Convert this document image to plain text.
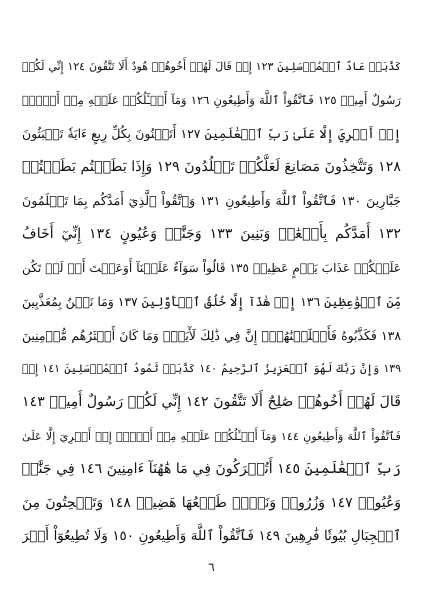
كَذَّبَتۡ عَادٌ ٱلۡمُرۡسَلِينَ ١٢٣ إِذۡ قَالَ لَهُمۡ أَخُوهُمۡ هُودٌ أَلَا تَتَّقُونَ ١٢٤ إِنِّي لَكُمۡ
رَسُولٌ أَمِينٞ ١٢٥ فَٱتَّقُواْ ٱللَّهَ وَأَطِيعُونِ ١٢٦ وَمَآ أَسۡـَٔلُكُمۡ عَلَيۡهِ مِنۡ أَجۡرٍۖ
إِنۡ أَجۡرِيَ إِلَّا عَلَىٰ رَبِّ ٱلۡعَٰلَمِينَ ١٢٧ أَتَبۡنُونَ بِكُلِّ رِيعٍ ءَايَةٗ تَعۡبَثُونَ
١٢٨ وَتَتَّخِذُونَ مَصَانِعَ لَعَلَّكُمۡ تَخۡلُدُونَ ١٢٩ وَإِذَا بَطَشۡتُم بَطَشۡتُمۡ
جَبَّارِينَ ١٣٠ فَٱتَّقُواْ ٱللَّهَ وَأَطِيعُونِ ١٣١ وَٱتَّقُواْ ٱلَّذِيٓ أَمَدَّكُم بِمَا تَعۡلَمُونَ
١٣٢ أَمَدَّكُم بِأَنۡعَٰمٖ وَبَنِينَ ١٣٣ وَجَنَّٰتٖ وَعُيُونٍ ١٣٤ إِنِّيٓ أَخَافُ
عَلَيۡكُمۡ عَذَابَ يَوۡمٍ عَظِيمٖ ١٣٥ قَالُواْ سَوَآءٌ عَلَيۡنَآ أَوَعَظۡتَ أَمۡ لَمۡ تَكُن
مِّنَ ٱلۡوَٰعِظِينَ ١٣٦ إِنۡ هَٰذَآ إِلَّا خُلُقُ ٱلۡأَوَّلِينَ ١٣٧ وَمَا نَحۡنُ بِمُعَذَّبِينَ
١٣٨ فَكَذَّبُوهُ فَأَهۡلَكۡنَٰهُمۡۚ إِنَّ فِي ذَٰلِكَ لَأٓيَةٗۖ وَمَا كَانَ أَكۡثَرُهُم مُّؤۡمِنِينَ
١٣٩ وَإِنَّ رَبَّكَ لَهُوَ ٱلۡعَزِيزُ ٱلرَّحِيمُ ١٤٠ كَذَّبَتۡ ثَمُودُ ٱلۡمُرۡسَلِينَ ١٤١ إِذۡ
قَالَ لَهُمۡ أَخُوهُمۡ صَٰلِحٌ أَلَا تَتَّقُونَ ١٤٢ إِنِّي لَكُمۡ رَسُولٌ أَمِينٞ ١٤٣
فَٱتَّقُواْ ٱللَّهَ وَأَطِيعُونِ ١٤٤ وَمَآ أَسۡـَٔلُكُمۡ عَلَيۡهِ مِنۡ أَجۡرٍۖ إِنۡ أَجۡرِيَ إِلَّا عَلَىٰ
رَبِّ ٱلۡعَٰلَمِينَ ١٤٥ أَتُتۡرَكُونَ فِي مَا هَٰهُنَآ ءَامِنِينَ ١٤٦ فِي جَنَّٰتٖ
وَعُيُونٖ ١٤٧ وَزُرُوعٖ وَنَخۡلٖ طَلۡعُهَا هَضِيمٞ ١٤٨ وَتَنۡحِتُونَ مِنَ
ٱلۡجِبَالِ بُيُوتٗا فَٰرِهِينَ ١٤٩ فَٱتَّقُواْ ٱللَّهَ وَأَطِيعُونِ ١٥٠ وَلَا تُطِيعُوٓاْ أَمۡرَ
٦
